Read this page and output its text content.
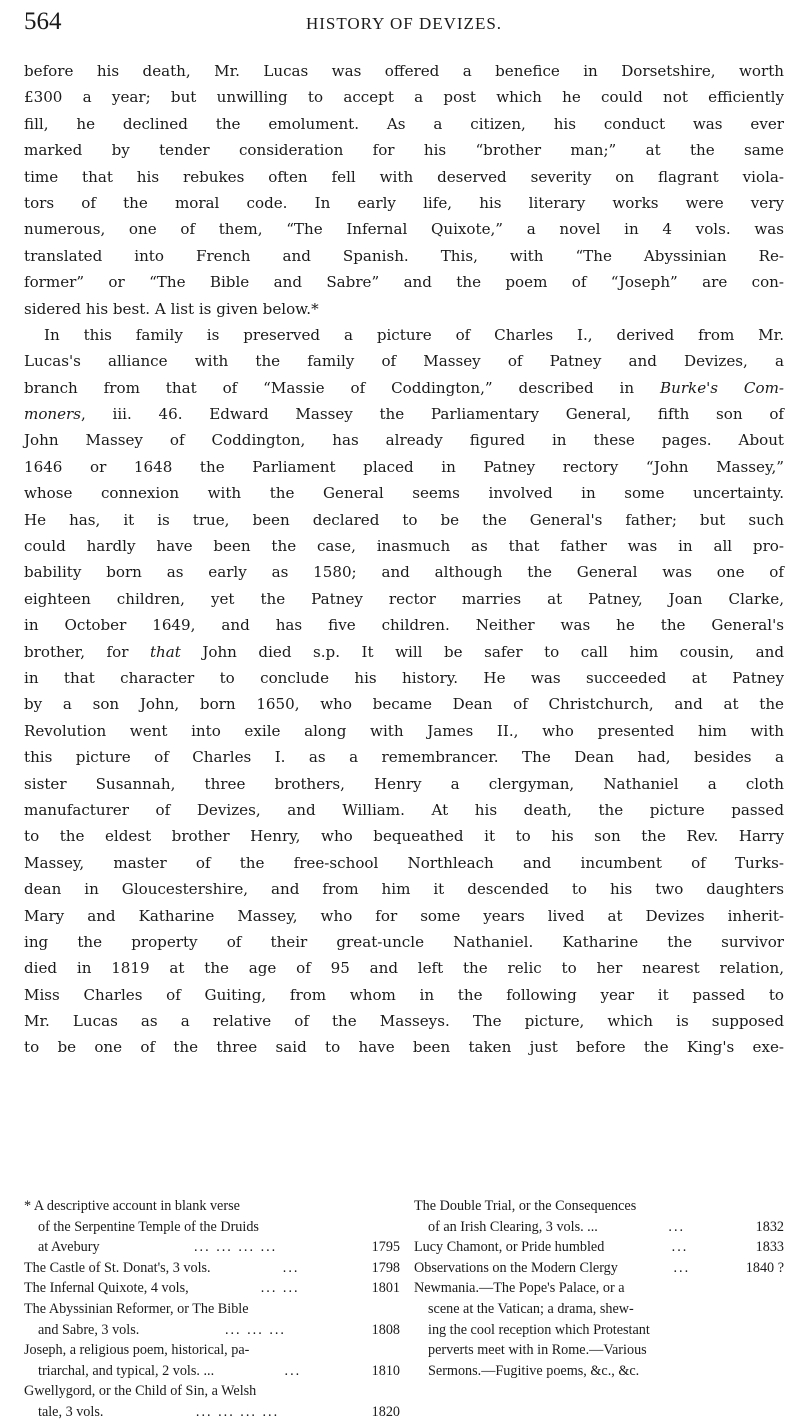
564	HISTORY OF DEVIZES.
before his death, Mr. Lucas was offered a benefice in Dorsetshire, worth
£300 a year; but unwilling to accept a post which he could not efficiently
fill, he declined the emolument. As a citizen, his conduct was ever
marked by tender consideration for his “brother man;” at the same
time that his rebukes often fell with deserved severity on flagrant viola-
tors of the moral code. In early life, his literary works were very
numerous, one of them, “The Infernal Quixote,” a novel in 4 vols. was
translated into French and Spanish. This, with “The Abyssinian Re-
former” or “The Bible and Sabre” and the poem of “Joseph” are con-
sidered his best. A list is given below.*
In this family is preserved a picture of Charles I., derived from Mr.
Lucas's alliance with the family of Massey of Patney and Devizes, a
branch from that of “Massie of Coddington,” described in Burke's Com-
moners, iii. 46. Edward Massey the Parliamentary General, fifth son of
John Massey of Coddington, has already figured in these pages. About
1646 or 1648 the Parliament placed in Patney rectory “John Massey,”
whose connexion with the General seems involved in some uncertainty.
He has, it is true, been declared to be the General's father; but such
could hardly have been the case, inasmuch as that father was in all pro-
bability born as early as 1580; and although the General was one of
eighteen children, yet the Patney rector marries at Patney, Joan Clarke,
in October 1649, and has five children. Neither was he the General's
brother, for that John died s.p. It will be safer to call him cousin, and
in that character to conclude his history. He was succeeded at Patney
by a son John, born 1650, who became Dean of Christchurch, and at the
Revolution went into exile along with James II., who presented him with
this picture of Charles I. as a remembrancer. The Dean had, besides a
sister Susannah, three brothers, Henry a clergyman, Nathaniel a cloth
manufacturer of Devizes, and William. At his death, the picture passed
to the eldest brother Henry, who bequeathed it to his son the Rev. Harry
Massey, master of the free-school Northleach and incumbent of Turks-
dean in Gloucestershire, and from him it descended to his two daughters
Mary and Katharine Massey, who for some years lived at Devizes inherit-
ing the property of their great-uncle Nathaniel. Katharine the survivor
died in 1819 at the age of 95 and left the relic to her nearest relation,
Miss Charles of Guiting, from whom in the following year it passed to
Mr. Lucas as a relative of the Masseys. The picture, which is supposed
to be one of the three said to have been taken just before the King's exe-
* A descriptive account in blank verse
of the Serpentine Temple of the Druids
at Avebury	... ... ... ...	1795
The Castle of St. Donat's, 3 vols.	...	1798
The Infernal Quixote, 4 vols,	... ...	1801
The Abyssinian Reformer, or The Bible
and Sabre, 3 vols.	... ... ...	1808
Joseph, a religious poem, historical, pa-
triarchal, and typical, 2 vols. ...	...	1810
Gwellygord, or the Child of Sin, a Welsh
tale, 3 vols.	... ... ... ...	1820
The Double Trial, or the Consequences
of an Irish Clearing, 3 vols. ...	...	1832
Lucy Chamont, or Pride humbled	...	1833
Observations on the Modern Clergy	...	1840 ?
Newmania.—The Pope's Palace, or a
scene at the Vatican; a drama, shew-
ing the cool reception which Protestant
perverts meet with in Rome.—Various
Sermons.—Fugitive poems, &c., &c.
